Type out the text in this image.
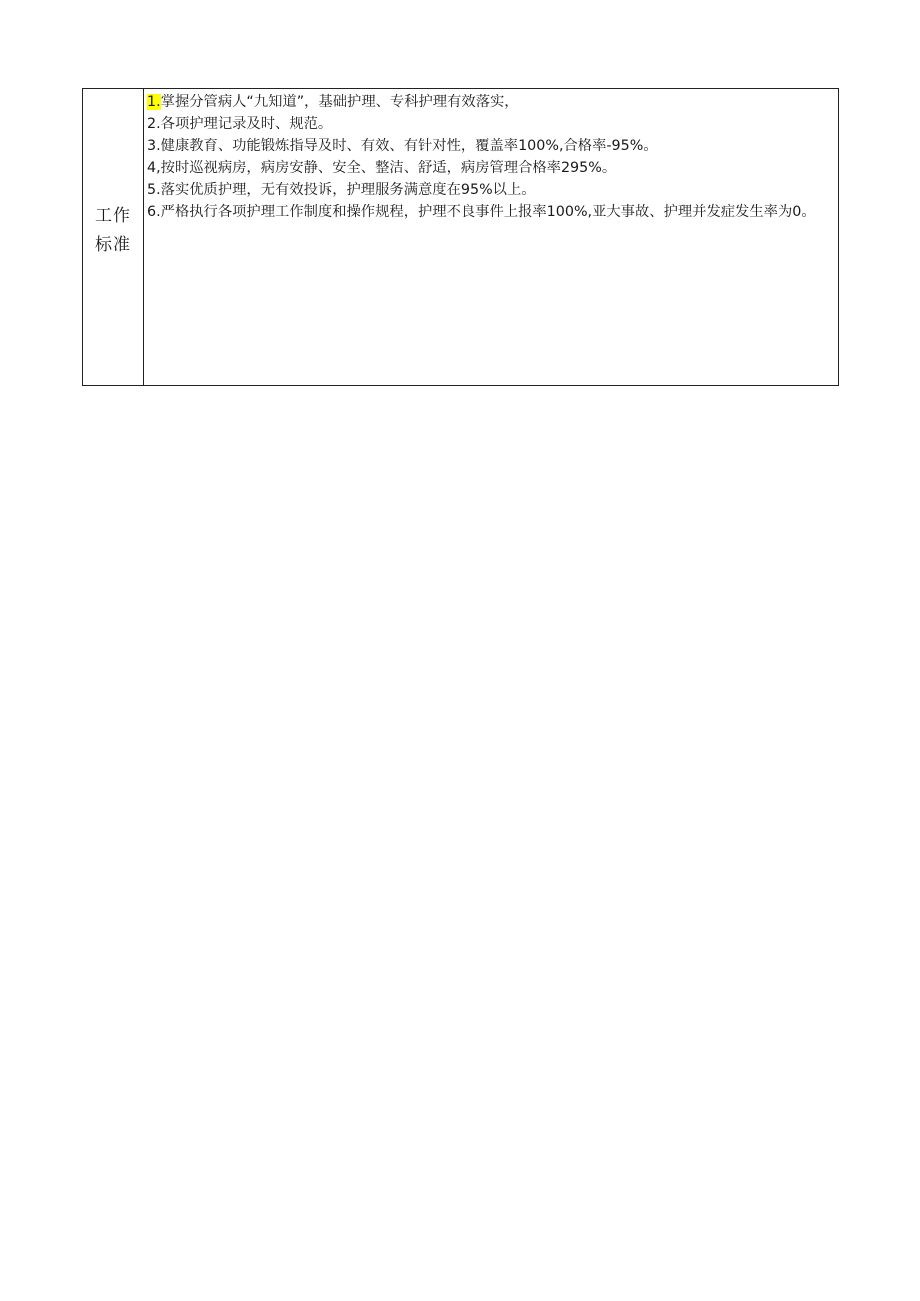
工作
标准

1.掌握分管病人“九知道”，基础护理、专科护理有效落实，

2.各项护理记录及时、规范。

3.健康教育、功能锻炼指导及时、有效、有针对性，覆盖率100%,合格率-95%。

4,按时巡视病房，病房安静、安全、整洁、舒适，病房管理合格率295%。

5.落实优质护理，无有效投诉，护理服务满意度在95%以上。

6.严格执行各项护理工作制度和操作规程，护理不良事件上报率100%,亚大事故、护理并发症发生率为0。
